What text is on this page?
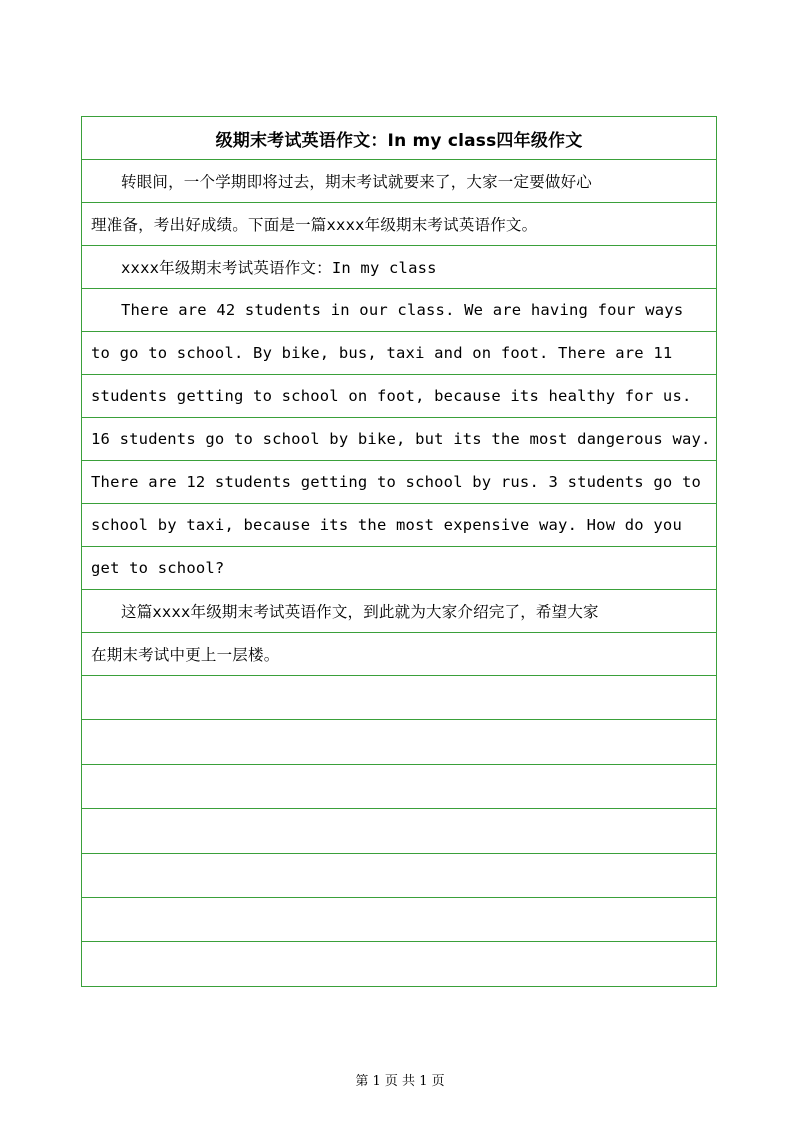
级期末考试英语作文：In my class四年级作文
转眼间，一个学期即将过去，期末考试就要来了，大家一定要做好心
理准备，考出好成绩。下面是一篇xxxx年级期末考试英语作文。
xxxx年级期末考试英语作文：In my class
There are 42 students in our class. We are having four ways
to go to school. By bike, bus, taxi and on foot. There are 11
students getting to school on foot, because its healthy for us.
16 students go to school by bike, but its the most dangerous way.
There are 12 students getting to school by rus. 3 students go to
school by taxi, because its the most expensive way. How do you
get to school?
这篇xxxx年级期末考试英语作文，到此就为大家介绍完了，希望大家
在期末考试中更上一层楼。
第 1 页 共 1 页
